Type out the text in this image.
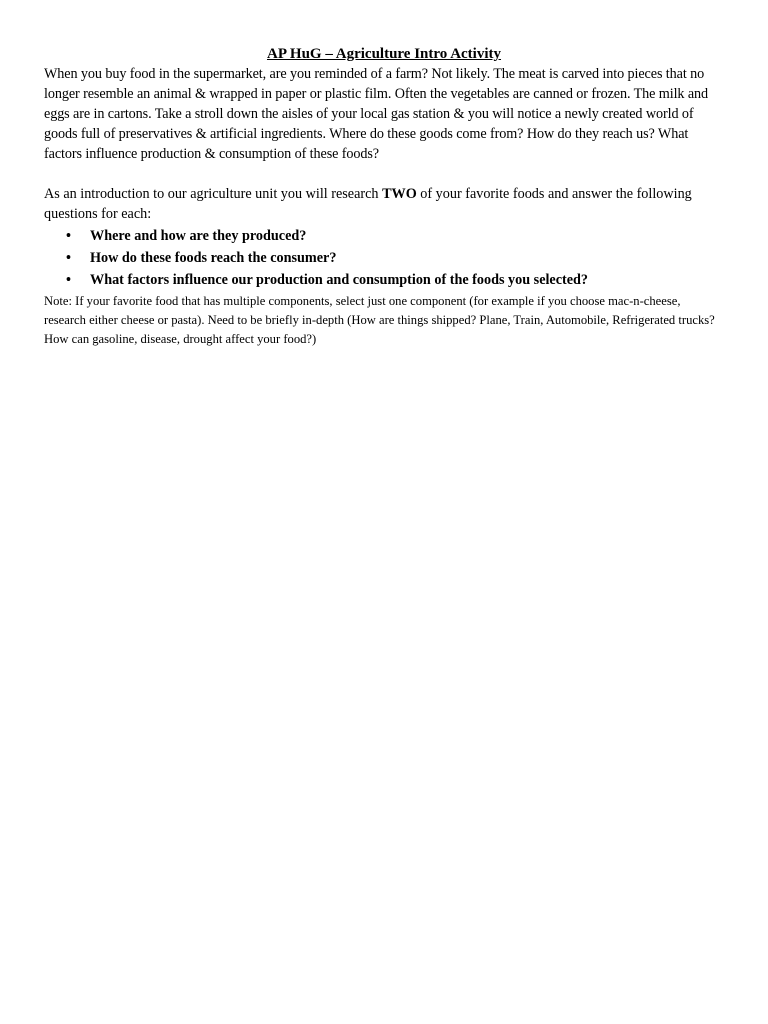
AP HuG – Agriculture Intro Activity

When you buy food in the supermarket, are you reminded of a farm? Not likely. The meat is carved into pieces that no longer resemble an animal & wrapped in paper or plastic film. Often the vegetables are canned or frozen. The milk and eggs are in cartons. Take a stroll down the aisles of your local gas station & you will notice a newly created world of goods full of preservatives & artificial ingredients. Where do these goods come from? How do they reach us? What factors influence production & consumption of these foods?

As an introduction to our agriculture unit you will research TWO of your favorite foods and answer the following questions for each:

• Where and how are they produced?
• How do these foods reach the consumer?
• What factors influence our production and consumption of the foods you selected?

Note: If your favorite food that has multiple components, select just one component (for example if you choose mac-n-cheese, research either cheese or pasta). Need to be briefly in-depth (How are things shipped? Plane, Train, Automobile, Refrigerated trucks? How can gasoline, disease, drought affect your food?)
